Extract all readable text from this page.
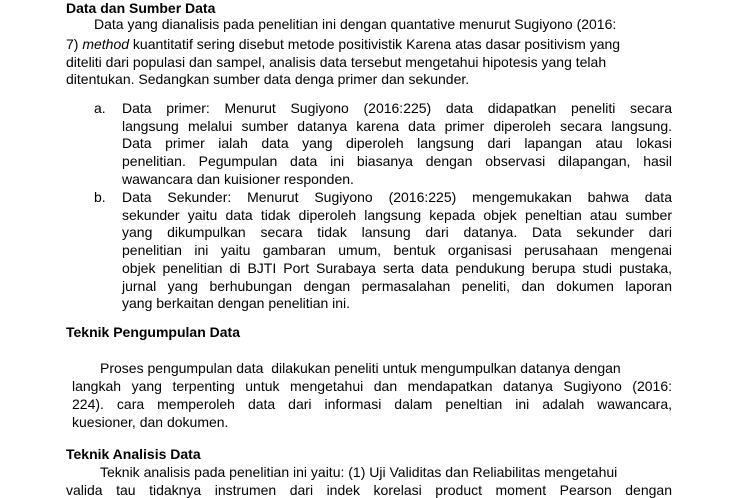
Data dan Sumber Data
Data yang dianalisis pada penelitian ini dengan quantative menurut Sugiyono (2016:
7) method kuantitatif sering disebut metode positivistik Karena atas dasar positivism yang
diteliti dari populasi dan sampel, analisis data tersebut mengetahui hipotesis yang telah
ditentukan. Sedangkan sumber data denga primer dan sekunder.
a. Data primer: Menurut Sugiyono (2016:225) data didapatkan peneliti secara
langsung melalui sumber datanya karena data primer diperoleh secara langsung.
Data primer ialah data yang diperoleh langsung dari lapangan atau lokasi
penelitian. Pegumpulan data ini biasanya dengan observasi dilapangan, hasil
wawancara dan kuisioner responden.
b. Data Sekunder: Menurut Sugiyono (2016:225) mengemukakan bahwa data
sekunder yaitu data tidak diperoleh langsung kepada objek peneltian atau sumber
yang dikumpulkan secara tidak lansung dari datanya. Data sekunder dari
penelitian ini yaitu gambaran umum, bentuk organisasi perusahaan mengenai
objek penelitian di BJTI Port Surabaya serta data pendukung berupa studi pustaka,
jurnal yang berhubungan dengan permasalahan peneliti, dan dokumen laporan
yang berkaitan dengan penelitian ini.
Teknik Pengumpulan Data
Proses pengumpulan data  dilakukan peneliti untuk mengumpulkan datanya dengan
langkah yang terpenting untuk mengetahui dan mendapatkan datanya Sugiyono (2016:
224). cara memperoleh data dari informasi dalam peneltian ini adalah wawancara,
kuesioner, dan dokumen.
Teknik Analisis Data
Teknik analisis pada penelitian ini yaitu: (1) Uji Validitas dan Reliabilitas mengetahui
valida tau tidaknya instrumen dari indek korelasi product moment Pearson dengan
